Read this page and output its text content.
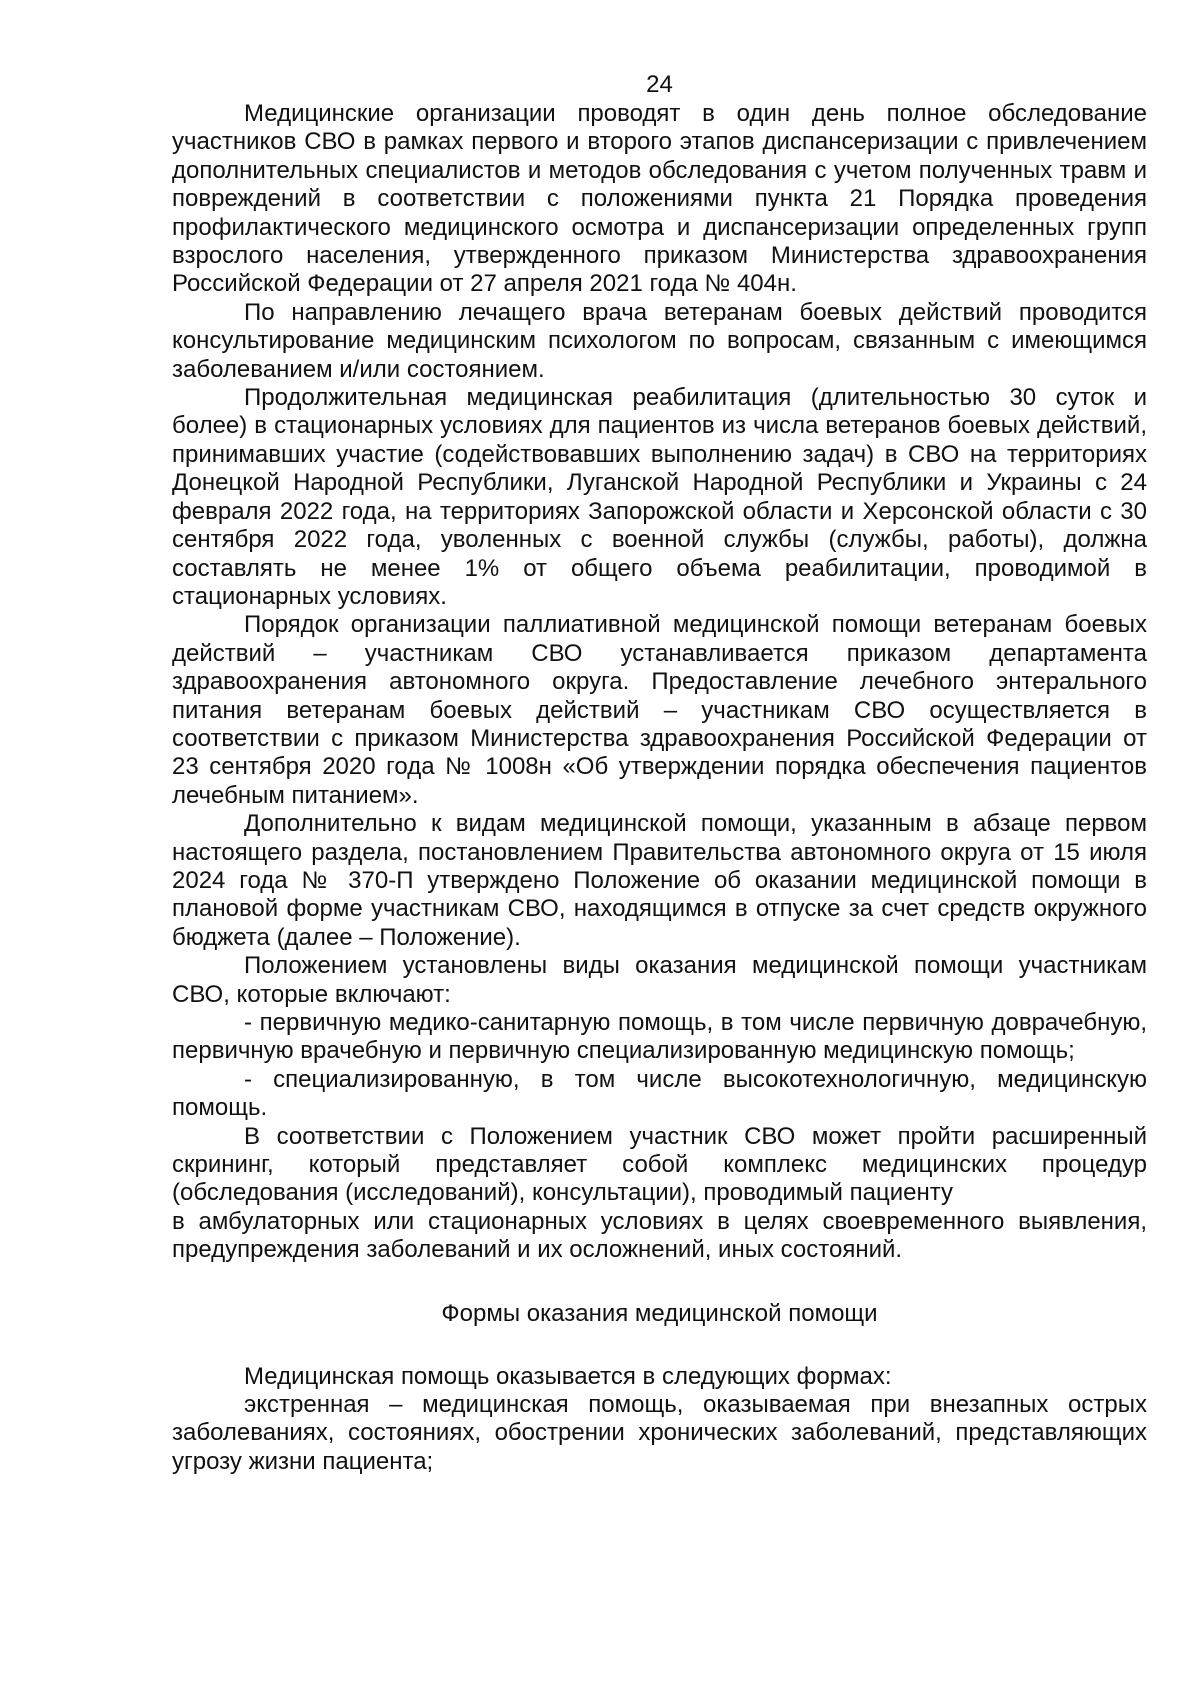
24

Медицинские организации проводят в один день полное обследование участников СВО в рамках первого и второго этапов диспансеризации с привлечением дополнительных специалистов и методов обследования с учетом полученных травм и повреждений в соответствии с положениями пункта 21 Порядка проведения профилактического медицинского осмотра и диспансеризации определенных групп взрослого населения, утвержденного приказом Министерства здравоохранения Российской Федерации от 27 апреля 2021 года № 404н.

По направлению лечащего врача ветеранам боевых действий проводится консультирование медицинским психологом по вопросам, связанным с имеющимся заболеванием и/или состоянием.

Продолжительная медицинская реабилитация (длительностью 30 суток и более) в стационарных условиях для пациентов из числа ветеранов боевых действий, принимавших участие (содействовавших выполнению задач) в СВО на территориях Донецкой Народной Республики, Луганской Народной Республики и Украины с 24 февраля 2022 года, на территориях Запорожской области и Херсонской области с 30 сентября 2022 года, уволенных с военной службы (службы, работы), должна составлять не менее 1% от общего объема реабилитации, проводимой в стационарных условиях.

Порядок организации паллиативной медицинской помощи ветеранам боевых действий – участникам СВО устанавливается приказом департамента здравоохранения автономного округа. Предоставление лечебного энтерального питания ветеранам боевых действий – участникам СВО осуществляется в соответствии с приказом Министерства здравоохранения Российской Федерации от 23 сентября 2020 года № 1008н «Об утверждении порядка обеспечения пациентов лечебным питанием».

Дополнительно к видам медицинской помощи, указанным в абзаце первом настоящего раздела, постановлением Правительства автономного округа от 15 июля 2024 года № 370-П утверждено Положение об оказании медицинской помощи в плановой форме участникам СВО, находящимся в отпуске за счет средств окружного бюджета (далее – Положение).

Положением установлены виды оказания медицинской помощи участникам СВО, которые включают:

- первичную медико-санитарную помощь, в том числе первичную доврачебную, первичную врачебную и первичную специализированную медицинскую помощь;

- специализированную, в том числе высокотехнологичную, медицинскую помощь.

В соответствии с Положением участник СВО может пройти расширенный скрининг, который представляет собой комплекс медицинских процедур (обследования (исследований), консультации), проводимый пациенту

в амбулаторных или стационарных условиях в целях своевременного выявления, предупреждения заболеваний и их осложнений, иных состояний.

Формы оказания медицинской помощи

Медицинская помощь оказывается в следующих формах:

экстренная – медицинская помощь, оказываемая при внезапных острых заболеваниях, состояниях, обострении хронических заболеваний, представляющих угрозу жизни пациента;
